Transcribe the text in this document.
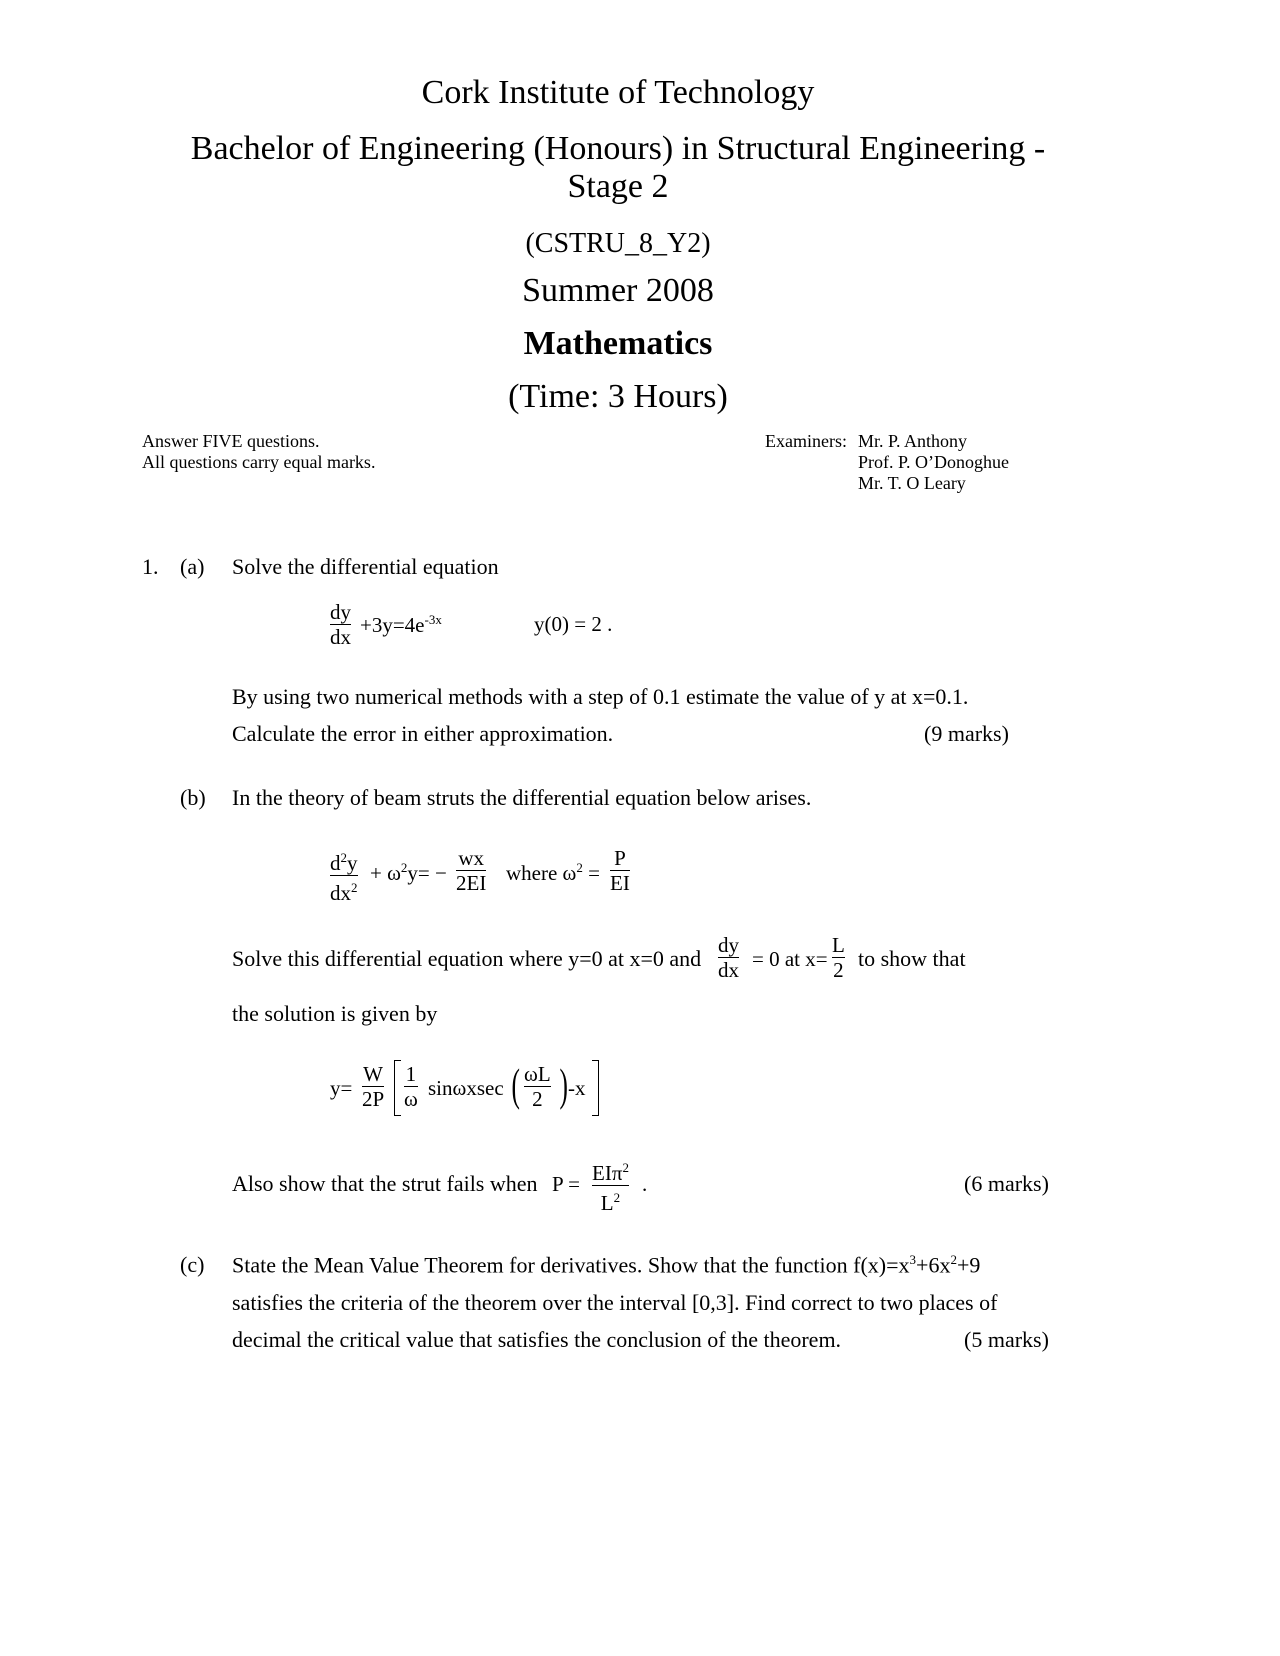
Cork Institute of Technology
Bachelor of Engineering (Honours) in Structural Engineering -
Stage 2
(CSTRU_8_Y2)
Summer 2008
Mathematics
(Time: 3 Hours)
Answer FIVE questions.
All questions carry equal marks.
Examiners: Mr. P. Anthony
Prof. P. O’Donoghue
Mr. T. O Leary
1. (a) Solve the differential equation
dy
dx $+3y=4e^{-3x}$	y(0) = 2 .
By using two numerical methods with a step of 0.1 estimate the value of y at x=0.1.
Calculate the error in either approximation.	(9 marks)
(b) In the theory of beam struts the differential equation below arises.
$d^2y$
$dx^2$
+ $\omega^2y=$ −
wx
2EI where $\omega^2$ =
P
EI
Solve this differential equation where y=0 at x=0 and
dy
dx = 0 at x=
L
2 to show that
the solution is given by
y=
W
2P
1
ω sinωxsec ( ωL
2 ) -x
Also show that the strut fails when P = EIπ$^2$
$L^2$
.	(6 marks)
(c) State the Mean Value Theorem for derivatives. Show that the function $f(x)=x^3+6x^2+9$
satisfies the criteria of the theorem over the interval [0,3]. Find correct to two places of
decimal the critical value that satisfies the conclusion of the theorem.	(5 marks)
